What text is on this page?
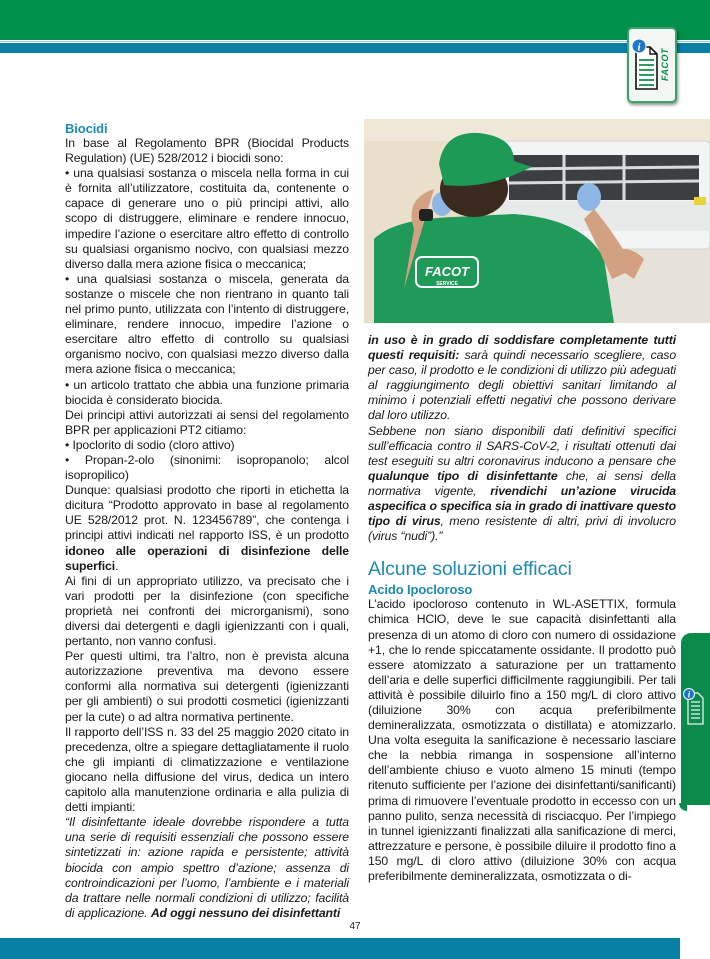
i
FACOT
FACOT
SERVICE
Biocidi

In base al Regolamento BPR (Biocidal Products Regulation) (UE) 528/2012 i biocidi sono:

• una qualsiasi sostanza o miscela nella forma in cui è fornita all’utilizzatore, costituita da, contenente o capace di generare uno o più principi attivi, allo scopo di distruggere, eliminare e rendere innocuo, impedire l’azione o esercitare altro effetto di controllo su qualsiasi organismo nocivo, con qualsiasi mezzo diverso dalla mera azione fisica o meccanica;

• una qualsiasi sostanza o miscela, generata da sostanze o miscele che non rientrano in quanto tali nel primo punto, utilizzata con l’intento di distruggere, eliminare, rendere innocuo, impedire l’azione o esercitare altro effetto di controllo su qualsiasi organismo nocivo, con qualsiasi mezzo diverso dalla mera azione fisica o meccanica;

• un articolo trattato che abbia una funzione primaria biocida è considerato biocida.

Dei principi attivi autorizzati ai sensi del regolamento BPR per applicazioni PT2 citiamo:

• Ipoclorito di sodio (cloro attivo)

• Propan-2-olo (sinonimi: isopropanolo; alcol isopropilico)

Dunque: qualsiasi prodotto che riporti in etichetta la dicitura “Prodotto approvato in base al regolamento UE 528/2012 prot. N. 123456789”, che contenga i principi attivi indicati nel rapporto ISS, è un prodotto idoneo alle operazioni di disinfezione delle superfici.

Ai fini di un appropriato utilizzo, va precisato che i vari prodotti per la disinfezione (con specifiche proprietà nei confronti dei microrganismi), sono diversi dai detergenti e dagli igienizzanti con i quali, pertanto, non vanno confusi.

Per questi ultimi, tra l’altro, non è prevista alcuna autorizzazione preventiva ma devono essere conformi alla normativa sui detergenti (igienizzanti per gli ambienti) o sui prodotti cosmetici (igienizzanti per la cute) o ad altra normativa pertinente.

Il rapporto dell’ISS n. 33 del 25 maggio 2020 citato in precedenza, oltre a spiegare dettagliatamente il ruolo che gli impianti di climatizzazione e ventilazione giocano nella diffusione del virus, dedica un intero capitolo alla manutenzione ordinaria e alla pulizia di detti impianti:

“Il disinfettante ideale dovrebbe rispondere a tutta una serie di requisiti essenziali che possono essere sintetizzati in: azione rapida e persistente; attività biocida con ampio spettro d’azione; assenza di controindicazioni per l’uomo, l’ambiente e i materiali da trattare nelle normali condizioni di utilizzo; facilità di applicazione. Ad oggi nessuno dei disinfettanti

in uso è in grado di soddisfare completamente tutti questi requisiti: sarà quindi necessario scegliere, caso per caso, il prodotto e le condizioni di utilizzo più adeguati al raggiungimento degli obiettivi sanitari limitando al minimo i potenziali effetti negativi che possono derivare dal loro utilizzo.

Sebbene non siano disponibili dati definitivi specifici sull’efficacia contro il SARS-CoV-2, i risultati ottenuti dai test eseguiti su altri coronavirus inducono a pensare che qualunque tipo di disinfettante che, ai sensi della normativa vigente, rivendichi un’azione virucida aspecifica o specifica sia in grado di inattivare questo tipo di virus, meno resistente di altri, privi di involucro (virus “nudi”).”

Alcune soluzioni efficaci
Acido Ipocloroso

L’acido ipocloroso contenuto in WL-ASETTIX, formula chimica HClO, deve le sue capacità disinfettanti alla presenza di un atomo di cloro con numero di ossidazione +1, che lo rende spiccatamente ossidante. Il prodotto può essere atomizzato a saturazione per un trattamento dell’aria e delle superfici difficilmente raggiungibili. Per tali attività è possibile diluirlo fino a 150 mg/L di cloro attivo (diluizione 30% con acqua preferibilmente demineralizzata, osmotizzata o distillata) e atomizzarlo. Una volta eseguita la sanificazione è necessario lasciare che la nebbia rimanga in sospensione all’interno dell’ambiente chiuso e vuoto almeno 15 minuti (tempo ritenuto sufficiente per l’azione dei disinfettanti/sanificanti) prima di rimuovere l’eventuale prodotto in eccesso con un panno pulito, senza necessità di risciacquo. Per l’impiego in tunnel igienizzanti finalizzati alla sanificazione di merci, attrezzature e persone, è possibile diluire il prodotto fino a 150 mg/L di cloro attivo (diluizione 30% con acqua preferibilmente demineralizzata, osmotizzata o di-

i
47
